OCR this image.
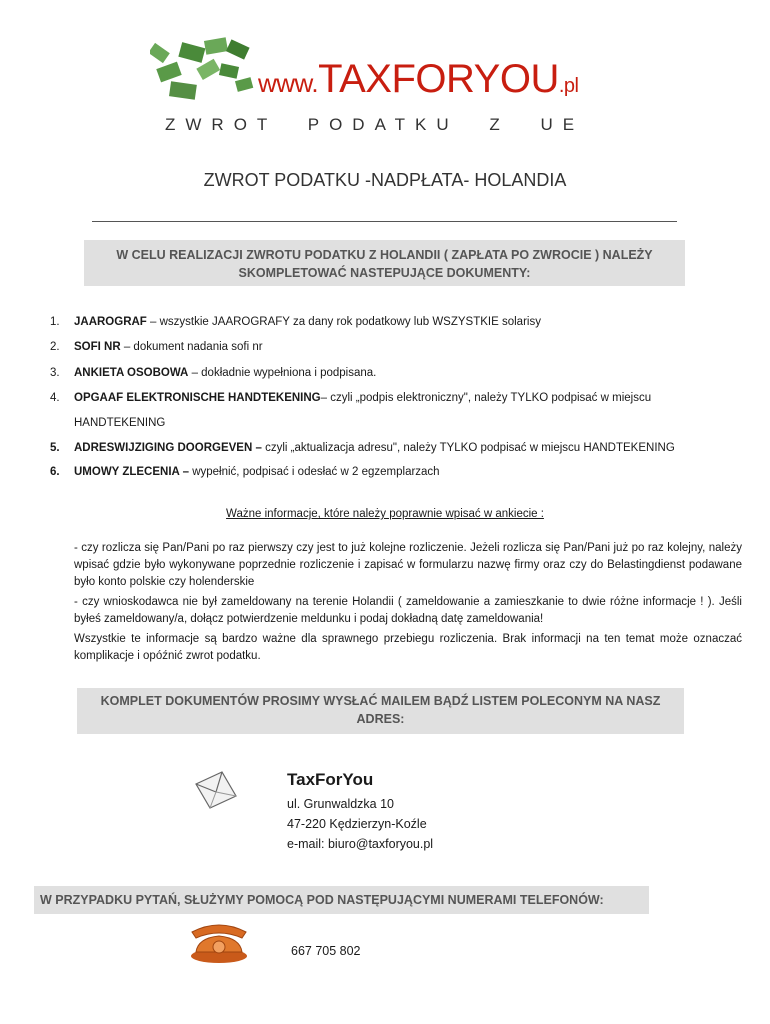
www.TAXFORYOU.pl
ZWROT PODATKU Z UE
ZWROT PODATKU -NADPŁATA- HOLANDIA
W CELU REALIZACJI ZWROTU PODATKU Z HOLANDII ( ZAPŁATA PO ZWROCIE ) NALEŻY
SKOMPLETOWAĆ NASTEPUJĄCE DOKUMENTY:
1. JAAROGRAF – wszystkie JAAROGRAFY za dany rok podatkowy lub WSZYSTKIE solarisy
2. SOFI NR – dokument nadania sofi nr
3. ANKIETA OSOBOWA – dokładnie wypełniona i podpisana.
4. OPGAAF ELEKTRONISCHE HANDTEKENING– czyli „podpis elektroniczny", należy TYLKO podpisać w miejscu
HANDTEKENING
5. ADRESWIJZIGING DOORGEVEN – czyli „aktualizacja adresu", należy TYLKO podpisać w miejscu HANDTEKENING
6. UMOWY ZLECENIA – wypełnić, podpisać i odesłać w 2 egzemplarzach
Ważne informacje, które należy poprawnie wpisać w ankiecie :

- czy rozlicza się Pan/Pani po raz pierwszy czy jest to już kolejne rozliczenie. Jeżeli rozlicza się Pan/Pani już po raz kolejny, należy wpisać gdzie było wykonywane poprzednie rozliczenie i zapisać w formularzu nazwę firmy oraz czy do Belastingdienst podawane było konto polskie czy holenderskie

- czy wnioskodawca nie był zameldowany na terenie Holandii ( zameldowanie a zamieszkanie to dwie różne informacje ! ). Jeśli byłeś zameldowany/a, dołącz potwierdzenie meldunku i podaj dokładną datę zameldowania!

Wszystkie te informacje są bardzo ważne dla sprawnego przebiegu rozliczenia. Brak informacji na ten temat może oznaczać komplikacje i opóźnić zwrot podatku.

KOMPLET DOKUMENTÓW PROSIMY WYSŁAĆ MAILEM BĄDŹ LISTEM POLECONYM NA NASZ
ADRES:
TaxForYou
ul. Grunwaldzka 10
47-220 Kędzierzyn-Koźle
e-mail: biuro@taxforyou.pl
W PRZYPADKU PYTAŃ, SŁUŻYMY POMOCĄ POD NASTĘPUJĄCYMI NUMERAMI TELEFONÓW:
667 705 802
